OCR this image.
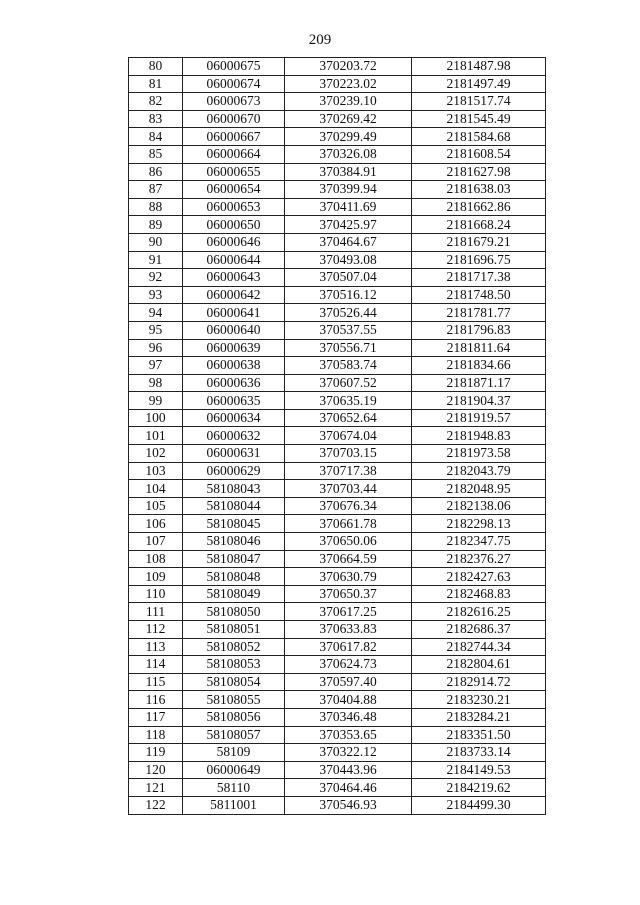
209
80	06000675	370203.72	2181487.98
81	06000674	370223.02	2181497.49
82	06000673	370239.10	2181517.74
83	06000670	370269.42	2181545.49
84	06000667	370299.49	2181584.68
85	06000664	370326.08	2181608.54
86	06000655	370384.91	2181627.98
87	06000654	370399.94	2181638.03
88	06000653	370411.69	2181662.86
89	06000650	370425.97	2181668.24
90	06000646	370464.67	2181679.21
91	06000644	370493.08	2181696.75
92	06000643	370507.04	2181717.38
93	06000642	370516.12	2181748.50
94	06000641	370526.44	2181781.77
95	06000640	370537.55	2181796.83
96	06000639	370556.71	2181811.64
97	06000638	370583.74	2181834.66
98	06000636	370607.52	2181871.17
99	06000635	370635.19	2181904.37
100	06000634	370652.64	2181919.57
101	06000632	370674.04	2181948.83
102	06000631	370703.15	2181973.58
103	06000629	370717.38	2182043.79
104	58108043	370703.44	2182048.95
105	58108044	370676.34	2182138.06
106	58108045	370661.78	2182298.13
107	58108046	370650.06	2182347.75
108	58108047	370664.59	2182376.27
109	58108048	370630.79	2182427.63
110	58108049	370650.37	2182468.83
111	58108050	370617.25	2182616.25
112	58108051	370633.83	2182686.37
113	58108052	370617.82	2182744.34
114	58108053	370624.73	2182804.61
115	58108054	370597.40	2182914.72
116	58108055	370404.88	2183230.21
117	58108056	370346.48	2183284.21
118	58108057	370353.65	2183351.50
119	58109	370322.12	2183733.14
120	06000649	370443.96	2184149.53
121	58110	370464.46	2184219.62
122	5811001	370546.93	2184499.30
